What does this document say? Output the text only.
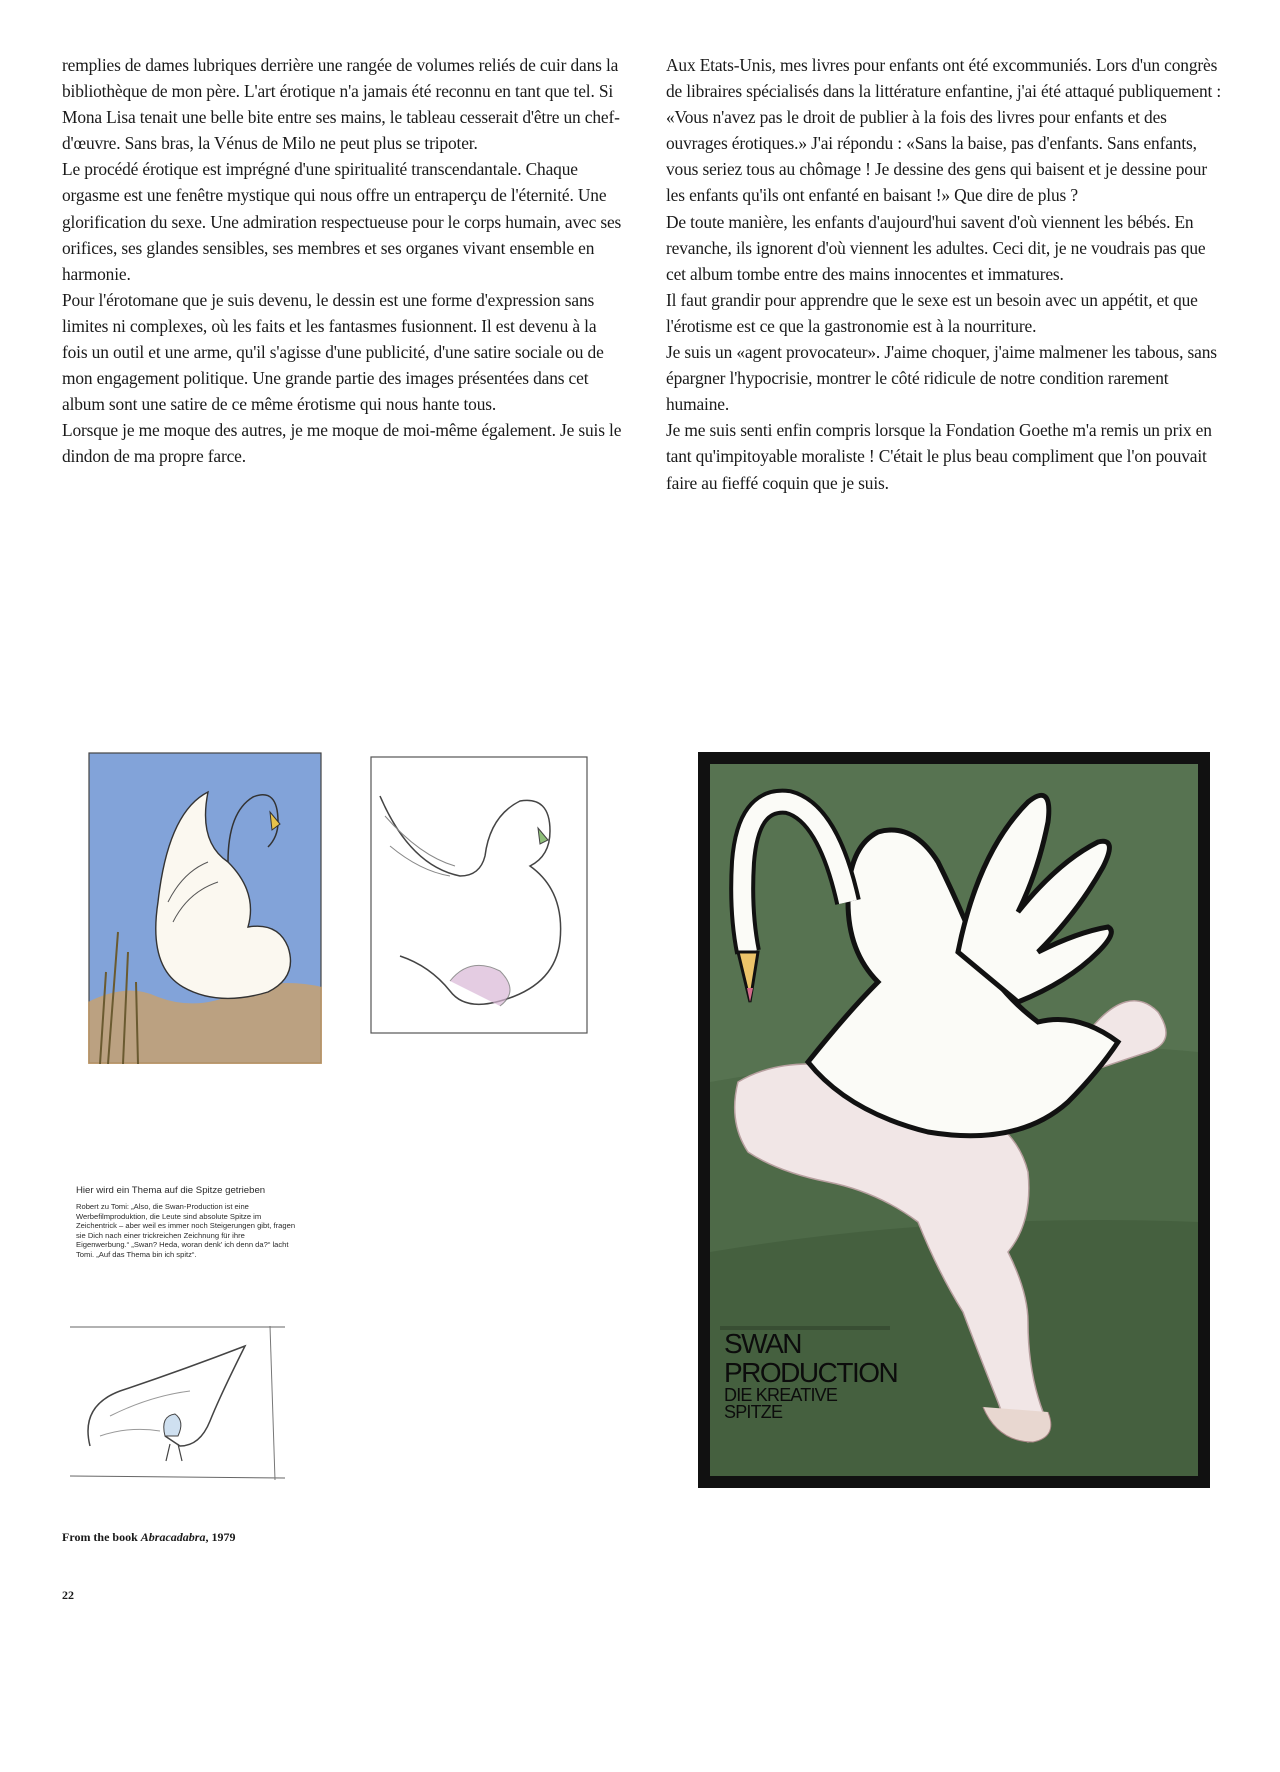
remplies de dames lubriques derrière une rangée de volumes reliés de cuir dans la bibliothèque de mon père. L'art érotique n'a jamais été reconnu en tant que tel. Si Mona Lisa tenait une belle bite entre ses mains, le tableau cesserait d'être un chef-d'œuvre. Sans bras, la Vénus de Milo ne peut plus se tripoter.

Le procédé érotique est imprégné d'une spiritualité transcendantale. Chaque orgasme est une fenêtre mystique qui nous offre un entraperçu de l'éternité. Une glorification du sexe. Une admiration respectueuse pour le corps humain, avec ses orifices, ses glandes sensibles, ses membres et ses organes vivant ensemble en harmonie.

Pour l'érotomane que je suis devenu, le dessin est une forme d'expression sans limites ni complexes, où les faits et les fantasmes fusionnent. Il est devenu à la fois un outil et une arme, qu'il s'agisse d'une publicité, d'une satire sociale ou de mon engagement politique. Une grande partie des images présentées dans cet album sont une satire de ce même érotisme qui nous hante tous.

Lorsque je me moque des autres, je me moque de moi-même également. Je suis le dindon de ma propre farce.

Aux Etats-Unis, mes livres pour enfants ont été excommuniés. Lors d'un congrès de libraires spécialisés dans la littérature enfantine, j'ai été attaqué publiquement : «Vous n'avez pas le droit de publier à la fois des livres pour enfants et des ouvrages érotiques.» J'ai répondu : «Sans la baise, pas d'enfants. Sans enfants, vous seriez tous au chômage ! Je dessine des gens qui baisent et je dessine pour les enfants qu'ils ont enfanté en baisant !» Que dire de plus ?

De toute manière, les enfants d'aujourd'hui savent d'où viennent les bébés. En revanche, ils ignorent d'où viennent les adultes. Ceci dit, je ne voudrais pas que cet album tombe entre des mains innocentes et immatures.

Il faut grandir pour apprendre que le sexe est un besoin avec un appétit, et que l'érotisme est ce que la gastronomie est à la nourriture.

Je suis un «agent provocateur». J'aime choquer, j'aime malmener les tabous, sans épargner l'hypocrisie, montrer le côté ridicule de notre condition rarement humaine.

Je me suis senti enfin compris lorsque la Fondation Goethe m'a remis un prix en tant qu'impitoyable moraliste ! C'était le plus beau compliment que l'on pouvait faire au fieffé coquin que je suis.

Hier wird ein Thema auf die Spitze getrieben

Robert zu Tomi: „Also, die Swan-Production ist eine Werbefilmproduktion, die Leute sind absolute Spitze im Zeichentrick – aber weil es immer noch Steigerungen gibt, fragen sie Dich nach einer trickreichen Zeichnung für ihre Eigenwerbung.“ „Swan? Heda, woran denk' ich denn da?“ lacht Tomi. „Auf das Thema bin ich spitz“.

SWAN
PRODUCTION
DIE KREATIVE
SPITZE
From the book Abracadabra, 1979
22
